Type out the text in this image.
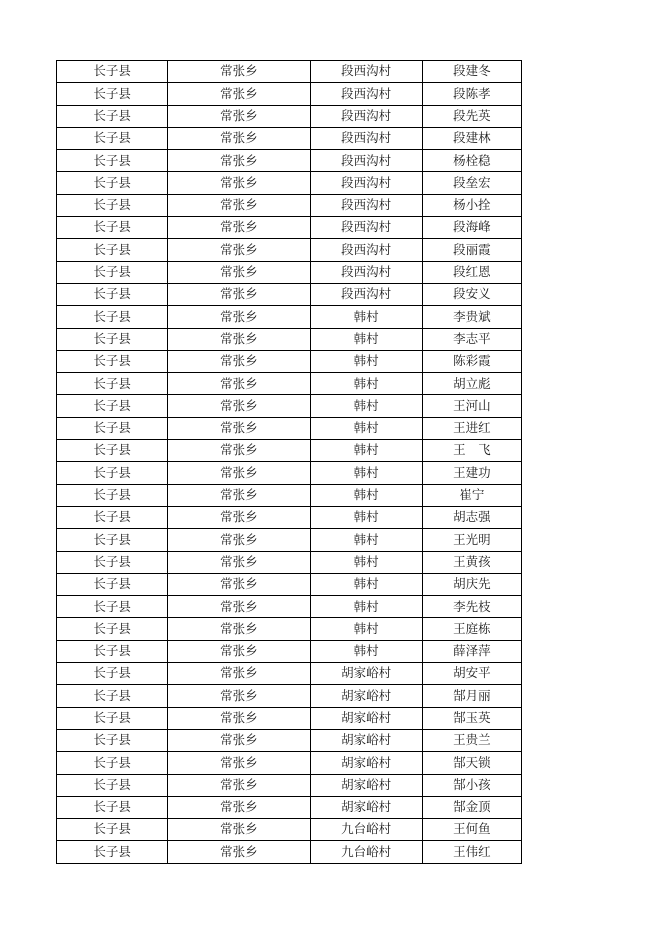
长子县	常张乡	段西沟村	段建冬
长子县	常张乡	段西沟村	段陈孝
长子县	常张乡	段西沟村	段先英
长子县	常张乡	段西沟村	段建林
长子县	常张乡	段西沟村	杨栓稳
长子县	常张乡	段西沟村	段垒宏
长子县	常张乡	段西沟村	杨小拴
长子县	常张乡	段西沟村	段海峰
长子县	常张乡	段西沟村	段丽霞
长子县	常张乡	段西沟村	段红恩
长子县	常张乡	段西沟村	段安义
长子县	常张乡	韩村	李贵斌
长子县	常张乡	韩村	李志平
长子县	常张乡	韩村	陈彩霞
长子县	常张乡	韩村	胡立彪
长子县	常张乡	韩村	王河山
长子县	常张乡	韩村	王进红
长子县	常张乡	韩村	王　飞
长子县	常张乡	韩村	王建功
长子县	常张乡	韩村	崔宁
长子县	常张乡	韩村	胡志强
长子县	常张乡	韩村	王光明
长子县	常张乡	韩村	王黄孩
长子县	常张乡	韩村	胡庆先
长子县	常张乡	韩村	李先枝
长子县	常张乡	韩村	王庭栋
长子县	常张乡	韩村	薛泽萍
长子县	常张乡	胡家峪村	胡安平
长子县	常张乡	胡家峪村	郜月丽
长子县	常张乡	胡家峪村	郜玉英
长子县	常张乡	胡家峪村	王贵兰
长子县	常张乡	胡家峪村	郜天锁
长子县	常张乡	胡家峪村	郜小孩
长子县	常张乡	胡家峪村	郜金顶
长子县	常张乡	九台峪村	王何鱼
长子县	常张乡	九台峪村	王伟红
